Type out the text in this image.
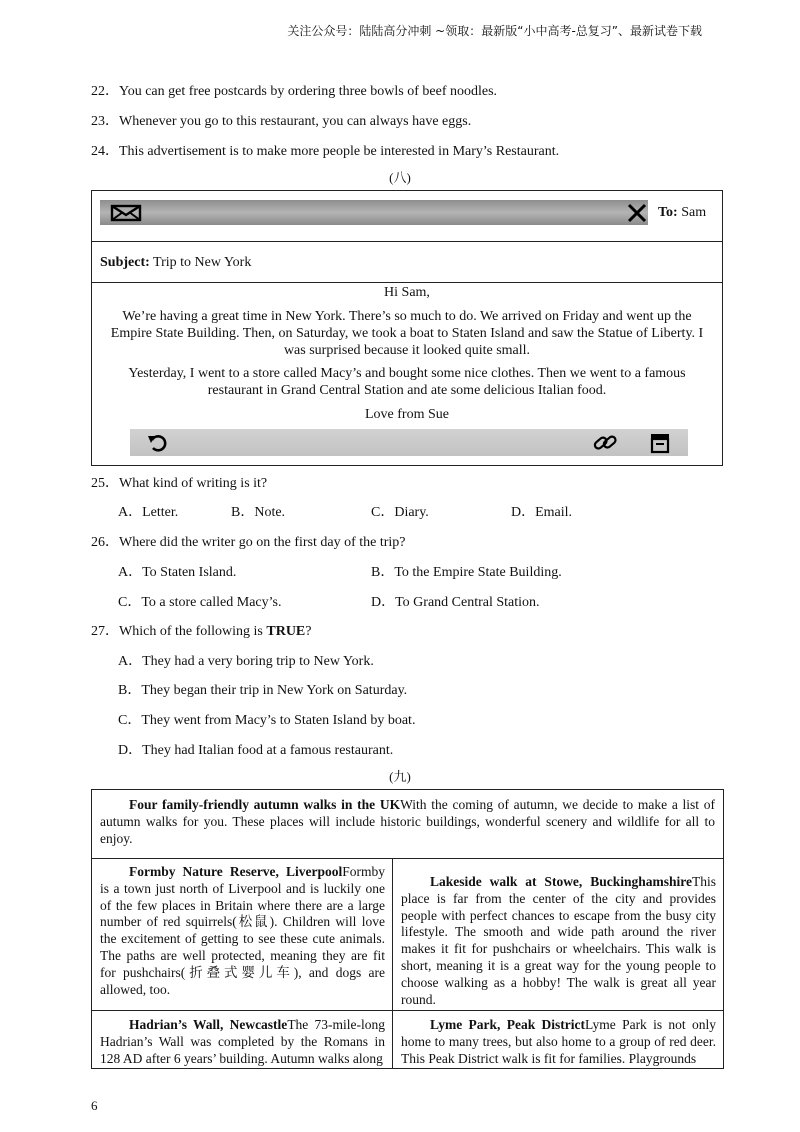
关注公众号：陆陆高分冲刺 ~领取：最新版“小中高考-总复习”、最新试卷下载
22．You can get free postcards by ordering three bowls of beef noodles.
23．Whenever you go to this restaurant, you can always have eggs.
24．This advertisement is to make more people be interested in Mary’s Restaurant.
(八)
To: Sam
Subject: Trip to New York
Hi Sam,
We’re having a great time in New York. There’s so much to do. We arrived on Friday and went up the Empire State Building. Then, on Saturday, we took a boat to Staten Island and saw the Statue of Liberty. I was surprised because it looked quite small.
Yesterday, I went to a store called Macy’s and bought some nice clothes. Then we went to a famous restaurant in Grand Central Station and ate some delicious Italian food.
Love from Sue
25．What kind of writing is it?
A．Letter.	B．Note.	C．Diary.	D．Email.
26．Where did the writer go on the first day of the trip?
A．To Staten Island.	B．To the Empire State Building.
C．To a store called Macy’s.	D．To Grand Central Station.
27．Which of the following is TRUE?
A．They had a very boring trip to New York.
B．They began their trip in New York on Saturday.
C．They went from Macy’s to Staten Island by boat.
D．They had Italian food at a famous restaurant.
(九)
Four family-friendly autumn walks in the UKWith the coming of autumn, we decide to make a list of autumn walks for you. These places will include historic buildings, wonderful scenery and wildlife for all to enjoy.
Formby Nature Reserve, LiverpoolFormby is a town just north of Liverpool and is luckily one of the few places in Britain where there are a large number of red squirrels(松鼠). Children will love the excitement of getting to see these cute animals. The paths are well protected, meaning they are fit for pushchairs(折叠式婴儿车), and dogs are allowed, too.
Lakeside walk at Stowe, BuckinghamshireThis place is far from the center of the city and provides people with perfect chances to escape from the busy city lifestyle. The smooth and wide path around the river makes it fit for pushchairs or wheelchairs. This walk is short, meaning it is a great way for the young people to choose walking as a hobby! The walk is great all year round.
Hadrian’s Wall, NewcastleThe 73-mile-long Hadrian’s Wall was completed by the Romans in 128 AD after 6 years’ building. Autumn walks along
Lyme Park, Peak DistrictLyme Park is not only home to many trees, but also home to a group of red deer. This Peak District walk is fit for families. Playgrounds
6
